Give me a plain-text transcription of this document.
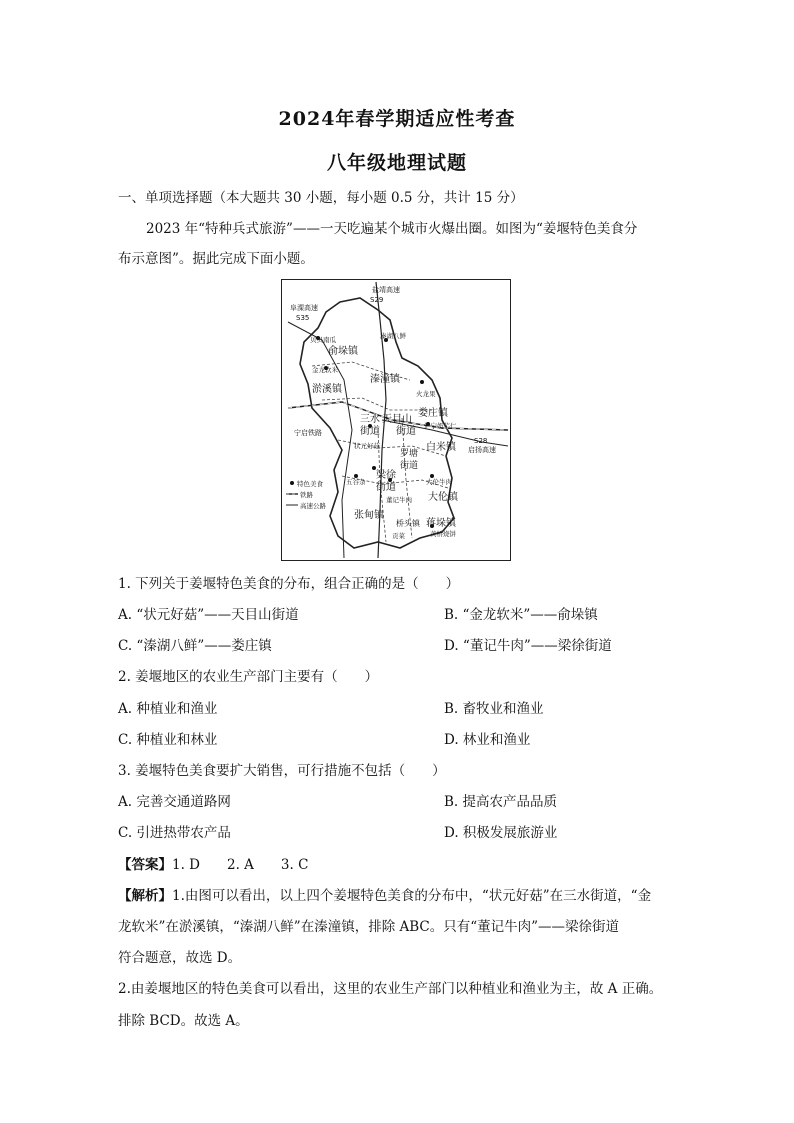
2024年春学期适应性考查
八年级地理试题
一、单项选择题（本大题共 30 小题，每小题 0.5 分，共计 15 分）
2023 年“特种兵式旅游”——一天吃遍某个城市火爆出圈。如图为“姜堰特色美食分
布示意图”。据此完成下面小题。
盐靖高速
S29
阜溧高速
S35
宁启铁路
S28
启扬高速
俞垛镇
淤溪镇
溱潼镇
娄庄镇
三水 天目山
街道 街道
白米镇
罗塘
街道
梁徐
街道
大伦镇
张甸镇
桥头镇 蒋垛镇
贝贝南瓜
金龙软米
溱湖八鲜
火龙果
状元好菇
沪宁奶芋仁
五谷杂
董记牛肉
大伦牛肉
黄桥烧饼
贡菜
特色美食
铁路
高速公路
1. 下列关于姜堰特色美食的分布，组合正确的是（　　）
A. “状元好菇”——天目山街道	B. “金龙软米”——俞垛镇
C. “溱湖八鲜”——娄庄镇	D. “董记牛肉”——梁徐街道
2. 姜堰地区的农业生产部门主要有（　　）
A. 种植业和渔业	B. 畜牧业和渔业
C. 种植业和林业	D. 林业和渔业
3. 姜堰特色美食要扩大销售，可行措施不包括（　　）
A. 完善交通道路网	B. 提高农产品品质
C. 引进热带农产品	D. 积极发展旅游业
【答案】1. D　　2. A　　3. C
【解析】1.由图可以看出，以上四个姜堰特色美食的分布中，“状元好菇”在三水街道，“金
龙软米”在淤溪镇，“溱湖八鲜”在溱潼镇，排除 ABC。只有“董记牛肉”——梁徐街道
符合题意，故选 D。
2.由姜堰地区的特色美食可以看出，这里的农业生产部门以种植业和渔业为主，故 A 正确。
排除 BCD。故选 A。
